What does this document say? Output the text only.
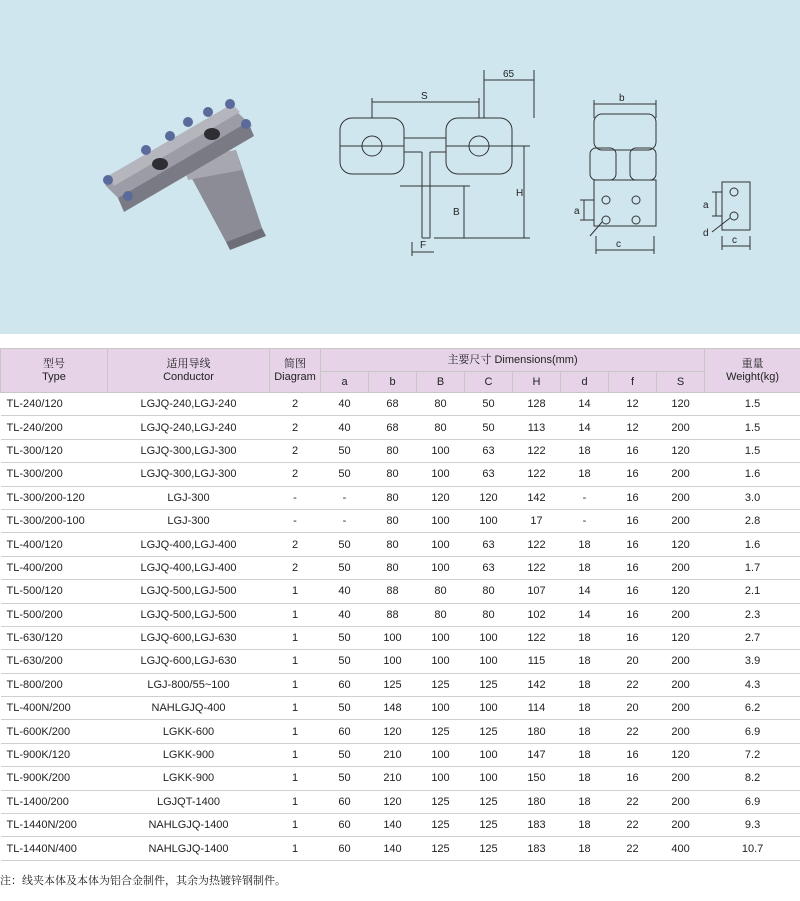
S
65
H
B
F
b
a
c
a
d
c
型号
Type	适用导线
Conductor	简图
Diagram	主要尺寸 Dimensions(mm)								重量
Weight(kg)
			a	b	B	C	H	d	f	S	
TL-240/120	LGJQ-240,LGJ-240	2	40	68	80	50	128	14	12	120	1.5
TL-240/200	LGJQ-240,LGJ-240	2	40	68	80	50	113	14	12	200	1.5
TL-300/120	LGJQ-300,LGJ-300	2	50	80	100	63	122	18	16	120	1.5
TL-300/200	LGJQ-300,LGJ-300	2	50	80	100	63	122	18	16	200	1.6
TL-300/200-120	LGJ-300	-	-	80	120	120	142	-	16	200	3.0
TL-300/200-100	LGJ-300	-	-	80	100	100	17	-	16	200	2.8
TL-400/120	LGJQ-400,LGJ-400	2	50	80	100	63	122	18	16	120	1.6
TL-400/200	LGJQ-400,LGJ-400	2	50	80	100	63	122	18	16	200	1.7
TL-500/120	LGJQ-500,LGJ-500	1	40	88	80	80	107	14	16	120	2.1
TL-500/200	LGJQ-500,LGJ-500	1	40	88	80	80	102	14	16	200	2.3
TL-630/120	LGJQ-600,LGJ-630	1	50	100	100	100	122	18	16	120	2.7
TL-630/200	LGJQ-600,LGJ-630	1	50	100	100	100	115	18	20	200	3.9
TL-800/200	LGJ-800/55~100	1	60	125	125	125	142	18	22	200	4.3
TL-400N/200	NAHLGJQ-400	1	50	148	100	100	114	18	20	200	6.2
TL-600K/200	LGKK-600	1	60	120	125	125	180	18	22	200	6.9
TL-900K/120	LGKK-900	1	50	210	100	100	147	18	16	120	7.2
TL-900K/200	LGKK-900	1	50	210	100	100	150	18	16	200	8.2
TL-1400/200	LGJQT-1400	1	60	120	125	125	180	18	22	200	6.9
TL-1440N/200	NAHLGJQ-1400	1	60	140	125	125	183	18	22	200	9.3
TL-1440N/400	NAHLGJQ-1400	1	60	140	125	125	183	18	22	400	10.7
注：线夹本体及本体为铝合金制件，其余为热镀锌钢制件。
